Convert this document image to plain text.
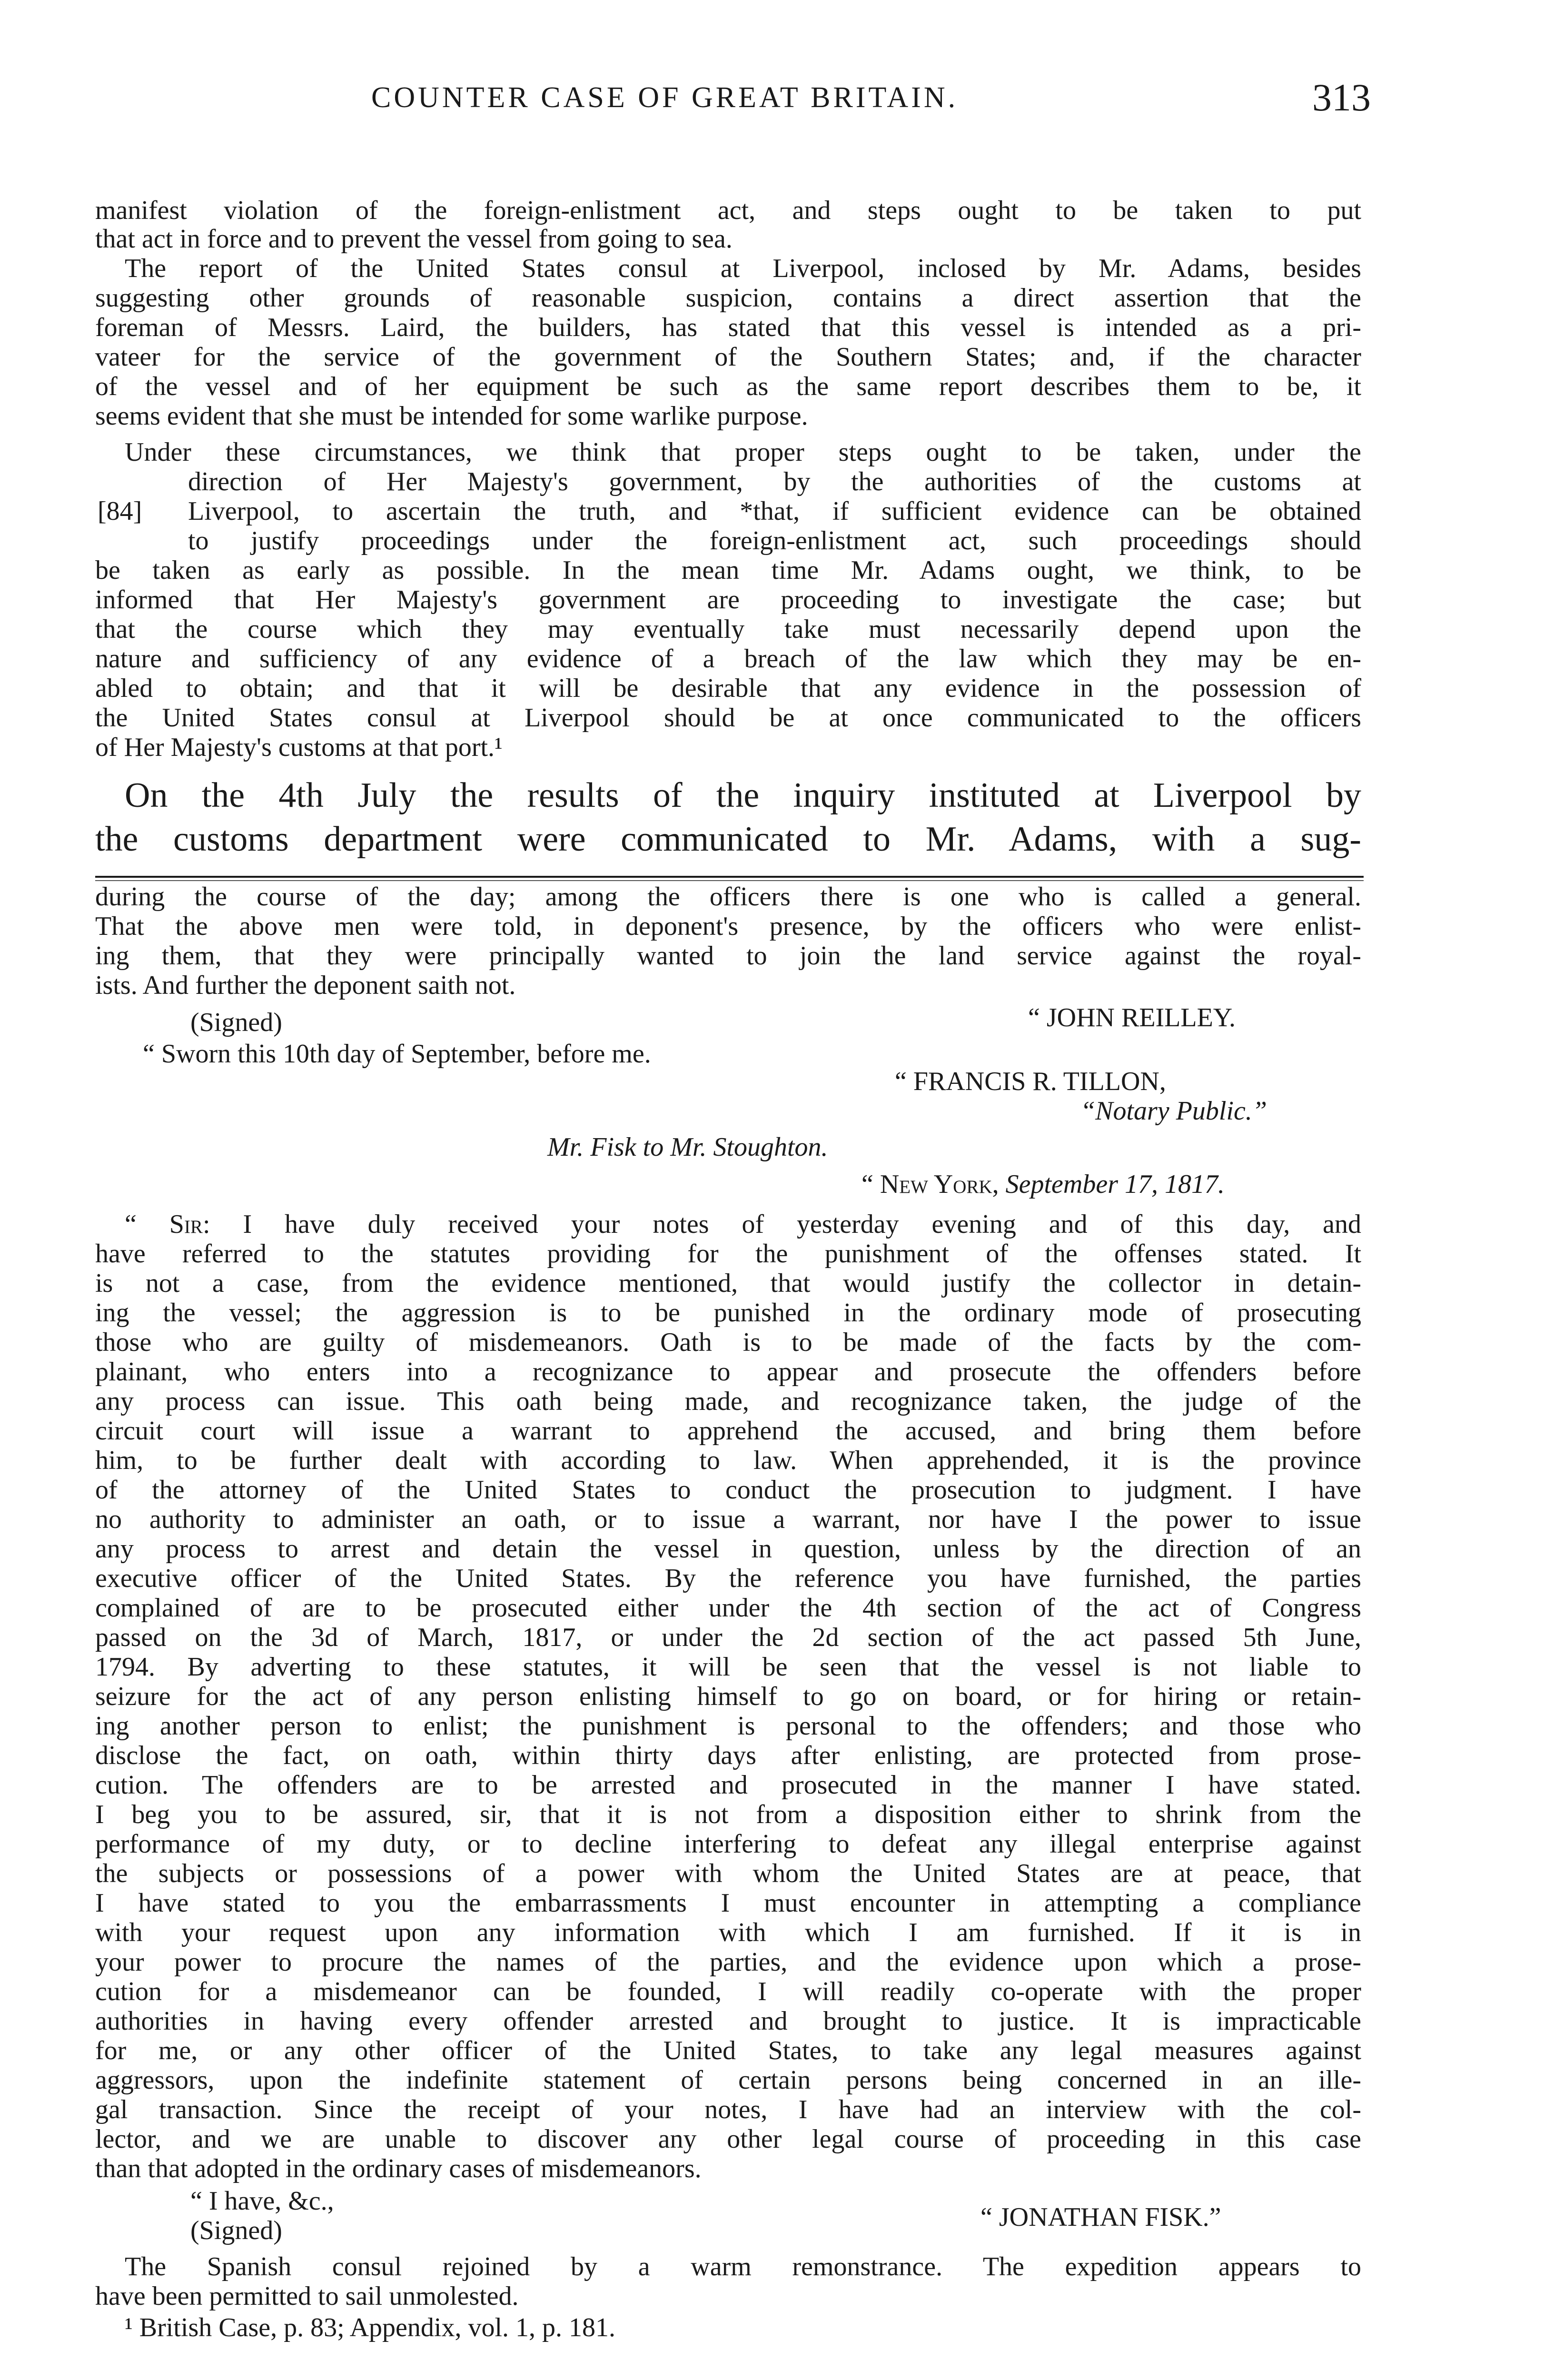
COUNTER CASE OF GREAT BRITAIN.	313
manifest violation of the foreign-enlistment act, and steps ought to be taken to put
that act in force and to prevent the vessel from going to sea.
The report of the United States consul at Liverpool, inclosed by Mr. Adams, besides
suggesting other grounds of reasonable suspicion, contains a direct assertion that the
foreman of Messrs. Laird, the builders, has stated that this vessel is intended as a pri-
vateer for the service of the government of the Southern States; and, if the character
of the vessel and of her equipment be such as the same report describes them to be, it
seems evident that she must be intended for some warlike purpose.
Under these circumstances, we think that proper steps ought to be taken, under the
direction of Her Majesty's government, by the authorities of the customs at
[84] Liverpool, to ascertain the truth, and *that, if sufficient evidence can be obtained
to justify proceedings under the foreign-enlistment act, such proceedings should
be taken as early as possible. In the mean time Mr. Adams ought, we think, to be
informed that Her Majesty's government are proceeding to investigate the case; but
that the course which they may eventually take must necessarily depend upon the
nature and sufficiency of any evidence of a breach of the law which they may be en-
abled to obtain; and that it will be desirable that any evidence in the possession of
the United States consul at Liverpool should be at once communicated to the officers
of Her Majesty's customs at that port.¹
On the 4th July the results of the inquiry instituted at Liverpool by
the customs department were communicated to Mr. Adams, with a sug-
during the course of the day; among the officers there is one who is called a general.
That the above men were told, in deponent's presence, by the officers who were enlist-
ing them, that they were principally wanted to join the land service against the royal-
ists. And further the deponent saith not.
(Signed)	“ JOHN REILLEY.
“ Sworn this 10th day of September, before me.
“ FRANCIS R. TILLON,
“Notary Public.”
Mr. Fisk to Mr. Stoughton.
“ New York, September 17, 1817.
“ Sir: I have duly received your notes of yesterday evening and of this day, and
have referred to the statutes providing for the punishment of the offenses stated. It
is not a case, from the evidence mentioned, that would justify the collector in detain-
ing the vessel; the aggression is to be punished in the ordinary mode of prosecuting
those who are guilty of misdemeanors. Oath is to be made of the facts by the com-
plainant, who enters into a recognizance to appear and prosecute the offenders before
any process can issue. This oath being made, and recognizance taken, the judge of the
circuit court will issue a warrant to apprehend the accused, and bring them before
him, to be further dealt with according to law. When apprehended, it is the province
of the attorney of the United States to conduct the prosecution to judgment. I have
no authority to administer an oath, or to issue a warrant, nor have I the power to issue
any process to arrest and detain the vessel in question, unless by the direction of an
executive officer of the United States. By the reference you have furnished, the parties
complained of are to be prosecuted either under the 4th section of the act of Congress
passed on the 3d of March, 1817, or under the 2d section of the act passed 5th June,
1794. By adverting to these statutes, it will be seen that the vessel is not liable to
seizure for the act of any person enlisting himself to go on board, or for hiring or retain-
ing another person to enlist; the punishment is personal to the offenders; and those who
disclose the fact, on oath, within thirty days after enlisting, are protected from prose-
cution. The offenders are to be arrested and prosecuted in the manner I have stated.
I beg you to be assured, sir, that it is not from a disposition either to shrink from the
performance of my duty, or to decline interfering to defeat any illegal enterprise against
the subjects or possessions of a power with whom the United States are at peace, that
I have stated to you the embarrassments I must encounter in attempting a compliance
with your request upon any information with which I am furnished. If it is in
your power to procure the names of the parties, and the evidence upon which a prose-
cution for a misdemeanor can be founded, I will readily co-operate with the proper
authorities in having every offender arrested and brought to justice. It is impracticable
for me, or any other officer of the United States, to take any legal measures against
aggressors, upon the indefinite statement of certain persons being concerned in an ille-
gal transaction. Since the receipt of your notes, I have had an interview with the col-
lector, and we are unable to discover any other legal course of proceeding in this case
than that adopted in the ordinary cases of misdemeanors.
“ I have, &c.,
(Signed)	“ JONATHAN FISK.”
The Spanish consul rejoined by a warm remonstrance. The expedition appears to
have been permitted to sail unmolested.
¹ British Case, p. 83; Appendix, vol. 1, p. 181.
